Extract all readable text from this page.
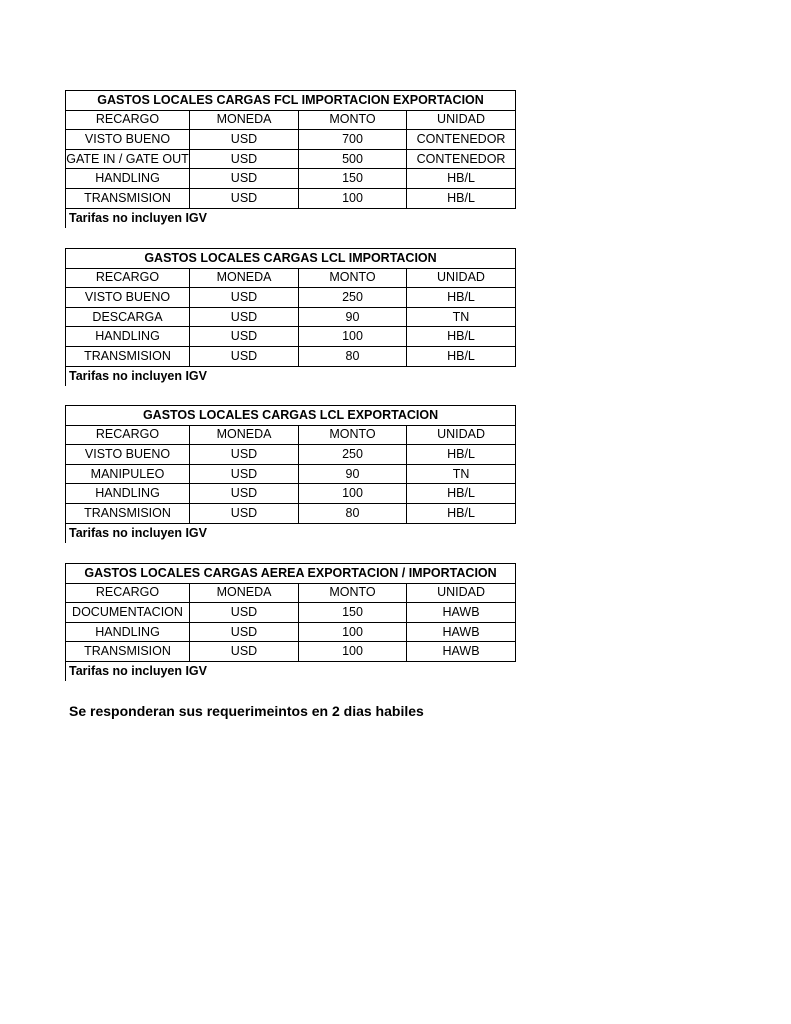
GASTOS LOCALES CARGAS FCL IMPORTACION EXPORTACION			
RECARGO	MONEDA	MONTO	UNIDAD
VISTO BUENO	USD	700	CONTENEDOR
GATE IN / GATE OUT	USD	500	CONTENEDOR
HANDLING	USD	150	HB/L
TRANSMISION	USD	100	HB/L
Tarifas no incluyen IGV
GASTOS LOCALES CARGAS LCL IMPORTACION			
RECARGO	MONEDA	MONTO	UNIDAD
VISTO BUENO	USD	250	HB/L
DESCARGA	USD	90	TN
HANDLING	USD	100	HB/L
TRANSMISION	USD	80	HB/L
Tarifas no incluyen IGV
GASTOS LOCALES CARGAS LCL EXPORTACION			
RECARGO	MONEDA	MONTO	UNIDAD
VISTO BUENO	USD	250	HB/L
MANIPULEO	USD	90	TN
HANDLING	USD	100	HB/L
TRANSMISION	USD	80	HB/L
Tarifas no incluyen IGV
GASTOS LOCALES CARGAS AEREA EXPORTACION / IMPORTACION			
RECARGO	MONEDA	MONTO	UNIDAD
DOCUMENTACION	USD	150	HAWB
HANDLING	USD	100	HAWB
TRANSMISION	USD	100	HAWB
Tarifas no incluyen IGV
Se responderan sus requerimeintos en 2 dias habiles
